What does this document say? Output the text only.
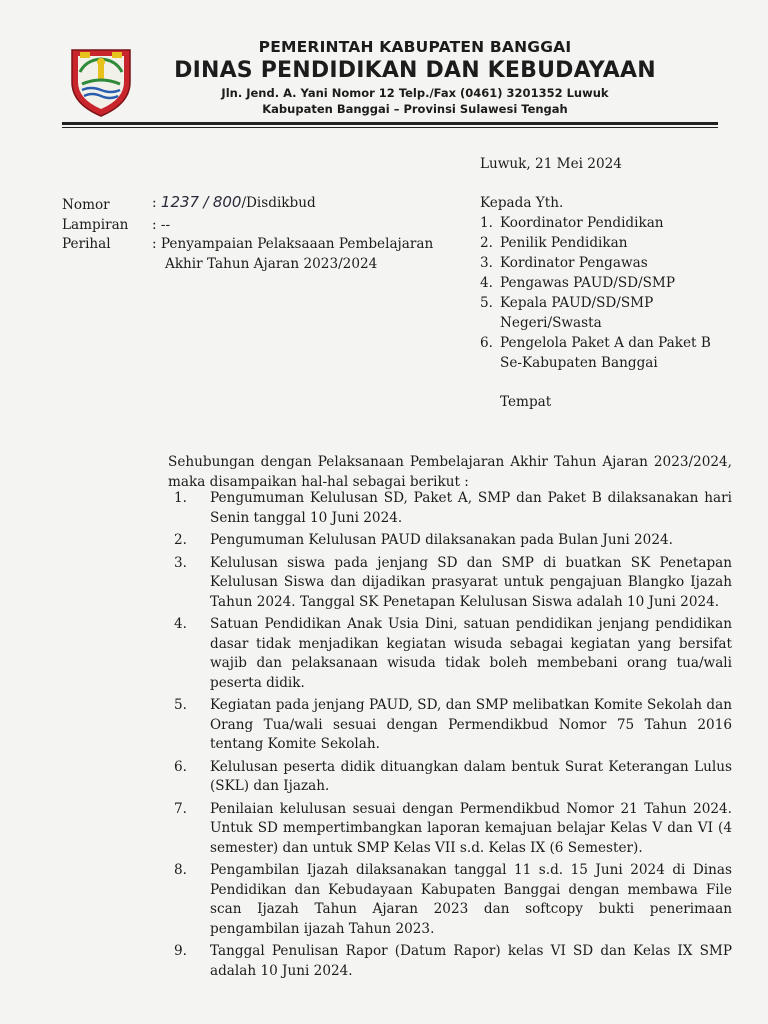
PEMERINTAH KABUPATEN BANGGAI
DINAS PENDIDIKAN DAN KEBUDAYAAN
Jln. Jend. A. Yani Nomor 12 Telp./Fax (0461) 3201352 Luwuk
Kabupaten Banggai – Provinsi Sulawesi Tengah
Luwuk, 21 Mei 2024
Nomor	: 1237 / 800/Disdikbud
Lampiran : --
Perihal	: Penyampaian Pelaksaaan Pembelajaran
Akhir Tahun Ajaran 2023/2024
Kepada Yth.
1. Koordinator Pendidikan
2. Penilik Pendidikan
3. Kordinator Pengawas
4. Pengawas PAUD/SD/SMP
5. Kepala PAUD/SD/SMP
Negeri/Swasta
6. Pengelola Paket A dan Paket B
Se-Kabupaten Banggai
Tempat
Sehubungan dengan Pelaksanaan Pembelajaran Akhir Tahun Ajaran 2023/2024, maka disampaikan hal-hal sebagai berikut :
1. Pengumuman Kelulusan SD, Paket A, SMP dan Paket B dilaksanakan hari Senin tanggal 10 Juni 2024.
2. Pengumuman Kelulusan PAUD dilaksanakan pada Bulan Juni 2024.
3. Kelulusan siswa pada jenjang SD dan SMP di buatkan SK Penetapan Kelulusan Siswa dan dijadikan prasyarat untuk pengajuan Blangko Ijazah Tahun 2024. Tanggal SK Penetapan Kelulusan Siswa adalah 10 Juni 2024.
4. Satuan Pendidikan Anak Usia Dini, satuan pendidikan jenjang pendidikan dasar tidak menjadikan kegiatan wisuda sebagai kegiatan yang bersifat wajib dan pelaksanaan wisuda tidak boleh membebani orang tua/wali peserta didik.
5. Kegiatan pada jenjang PAUD, SD, dan SMP melibatkan Komite Sekolah dan Orang Tua/wali sesuai dengan Permendikbud Nomor 75 Tahun 2016 tentang Komite Sekolah.
6. Kelulusan peserta didik dituangkan dalam bentuk Surat Keterangan Lulus (SKL) dan Ijazah.
7. Penilaian kelulusan sesuai dengan Permendikbud Nomor 21 Tahun 2024. Untuk SD mempertimbangkan laporan kemajuan belajar Kelas V dan VI (4 semester) dan untuk SMP Kelas VII s.d. Kelas IX (6 Semester).
8. Pengambilan Ijazah dilaksanakan tanggal 11 s.d. 15 Juni 2024 di Dinas Pendidikan dan Kebudayaan Kabupaten Banggai dengan membawa File scan Ijazah Tahun Ajaran 2023 dan softcopy bukti penerimaan pengambilan ijazah Tahun 2023.
9. Tanggal Penulisan Rapor (Datum Rapor) kelas VI SD dan Kelas IX SMP adalah 10 Juni 2024.
